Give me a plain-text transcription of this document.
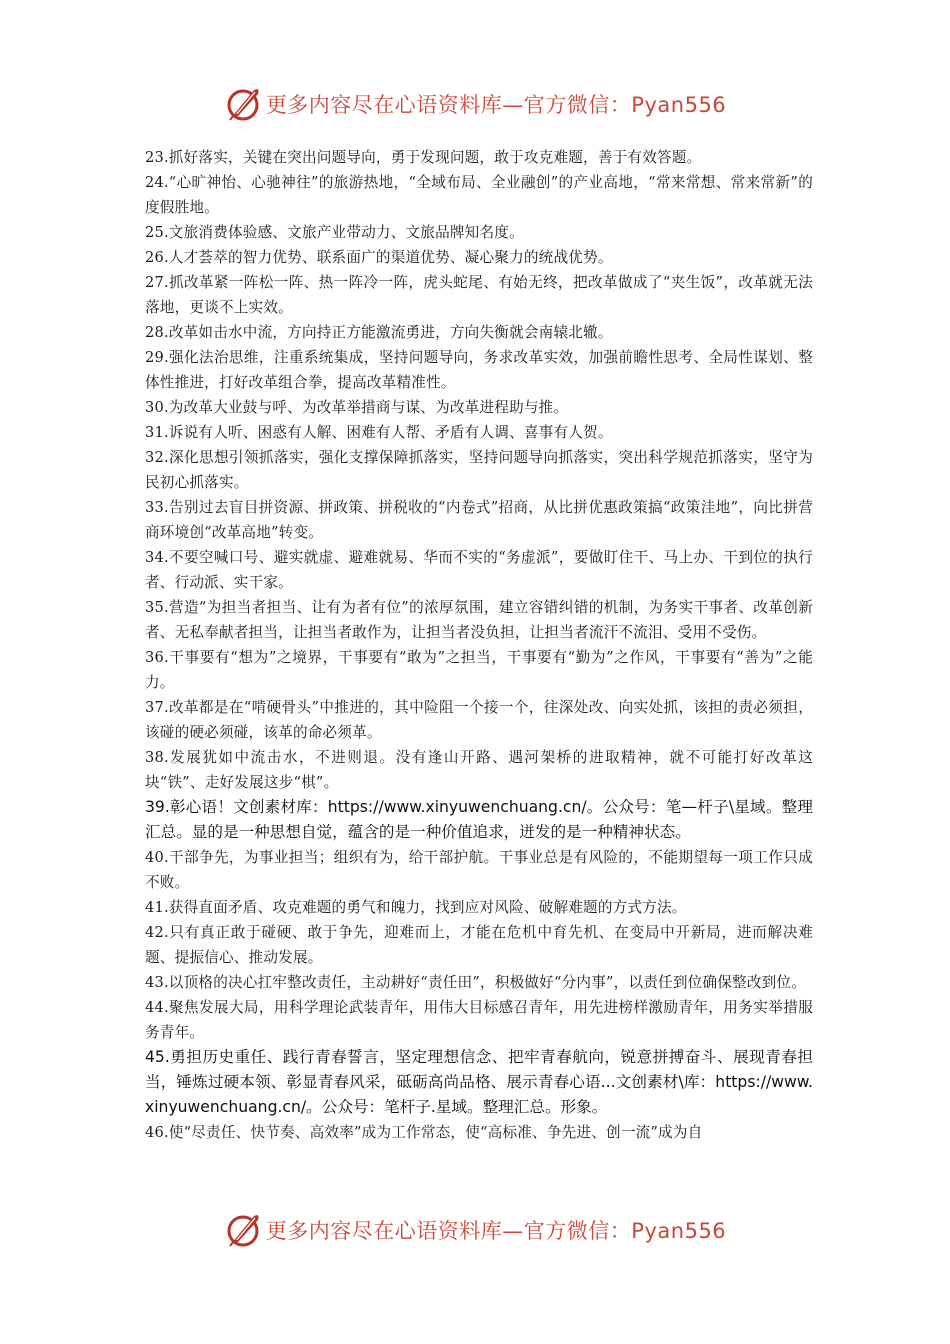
更多内容尽在心语资料库—官方微信：Pyan556

23.抓好落实，关键在突出问题导向，勇于发现问题，敢于攻克难题，善于有效答题。

24.“心旷神怡、心驰神往”的旅游热地，“全域布局、全业融创”的产业高地，“常来常想、常来常新”的度假胜地。

25.文旅消费体验感、文旅产业带动力、文旅品牌知名度。

26.人才荟萃的智力优势、联系面广的渠道优势、凝心聚力的统战优势。

27.抓改革紧一阵松一阵、热一阵冷一阵，虎头蛇尾、有始无终，把改革做成了“夹生饭”，改革就无法落地，更谈不上实效。

28.改革如击水中流，方向持正方能激流勇进，方向失衡就会南辕北辙。

29.强化法治思维，注重系统集成，坚持问题导向，务求改革实效，加强前瞻性思考、全局性谋划、整体性推进，打好改革组合拳，提高改革精准性。

30.为改革大业鼓与呼、为改革举措商与谋、为改革进程助与推。

31.诉说有人听、困惑有人解、困难有人帮、矛盾有人调、喜事有人贺。

32.深化思想引领抓落实，强化支撑保障抓落实，坚持问题导向抓落实，突出科学规范抓落实，坚守为民初心抓落实。

33.告别过去盲目拼资源、拼政策、拼税收的“内卷式”招商，从比拼优惠政策搞“政策洼地”，向比拼营商环境创“改革高地”转变。

34.不要空喊口号、避实就虚、避难就易、华而不实的“务虚派”，要做盯住干、马上办、干到位的执行者、行动派、实干家。

35.营造“为担当者担当、让有为者有位”的浓厚氛围，建立容错纠错的机制，为务实干事者、改革创新者、无私奉献者担当，让担当者敢作为，让担当者没负担，让担当者流汗不流泪、受用不受伤。

36.干事要有“想为”之境界，干事要有“敢为”之担当，干事要有“勤为”之作风，干事要有“善为”之能力。

37.改革都是在“啃硬骨头”中推进的，其中险阻一个接一个，往深处改、向实处抓，该担的责必须担，该碰的硬必须碰，该革的命必须革。

38.发展犹如中流击水，不进则退。没有逢山开路、遇河架桥的进取精神，就不可能打好改革这块“铁”、走好发展这步“棋”。

39.彰心语！文创素材库：https://www.xinyuwenchuang.cn/。公众号：笔—杆子\星域。整理汇总。显的是一种思想自觉，蕴含的是一种价值追求，迸发的是一种精神状态。

40.干部争先，为事业担当；组织有为，给干部护航。干事业总是有风险的，不能期望每一项工作只成不败。

41.获得直面矛盾、攻克难题的勇气和魄力，找到应对风险、破解难题的方式方法。

42.只有真正敢于碰硬、敢于争先，迎难而上，才能在危机中育先机、在变局中开新局，进而解决难题、提振信心、推动发展。

43.以顶格的决心扛牢整改责任，主动耕好“责任田”，积极做好“分内事”，以责任到位确保整改到位。

44.聚焦发展大局，用科学理论武装青年，用伟大目标感召青年，用先进榜样激励青年，用务实举措服务青年。

45.勇担历史重任、践行青春誓言，坚定理想信念、把牢青春航向，锐意拼搏奋斗、展现青春担当，锤炼过硬本领、彰显青春风采，砥砺高尚品格、展示青春心语...文创素材\库：https://www.xinyuwenchuang.cn/。公众号：笔杆子.星域。整理汇总。形象。

46.使“尽责任、快节奏、高效率”成为工作常态，使“高标准、争先进、创一流”成为自

更多内容尽在心语资料库—官方微信：Pyan556
